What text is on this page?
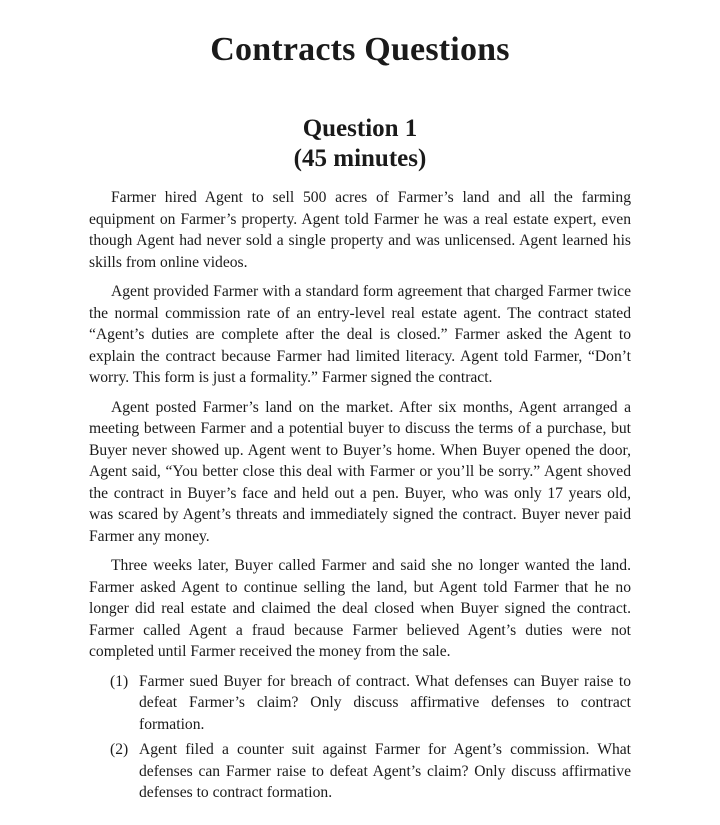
Contracts Questions
Question 1
(45 minutes)

Farmer hired Agent to sell 500 acres of Farmer’s land and all the farming equipment on Farmer’s property. Agent told Farmer he was a real estate expert, even though Agent had never sold a single property and was unlicensed. Agent learned his skills from online videos.

Agent provided Farmer with a standard form agreement that charged Farmer twice the normal commission rate of an entry-level real estate agent. The contract stated “Agent’s duties are complete after the deal is closed.” Farmer asked the Agent to explain the contract because Farmer had limited literacy. Agent told Farmer, “Don’t worry. This form is just a formality.” Farmer signed the contract.

Agent posted Farmer’s land on the market. After six months, Agent arranged a meeting between Farmer and a potential buyer to discuss the terms of a purchase, but Buyer never showed up. Agent went to Buyer’s home. When Buyer opened the door, Agent said, “You better close this deal with Farmer or you’ll be sorry.” Agent shoved the contract in Buyer’s face and held out a pen. Buyer, who was only 17 years old, was scared by Agent’s threats and immediately signed the contract. Buyer never paid Farmer any money.

Three weeks later, Buyer called Farmer and said she no longer wanted the land. Farmer asked Agent to continue selling the land, but Agent told Farmer that he no longer did real estate and claimed the deal closed when Buyer signed the contract. Farmer called Agent a fraud because Farmer believed Agent’s duties were not completed until Farmer received the money from the sale.

(1) Farmer sued Buyer for breach of contract. What defenses can Buyer raise to defeat Farmer’s claim? Only discuss affirmative defenses to contract formation.
(2) Agent filed a counter suit against Farmer for Agent’s commission. What defenses can Farmer raise to defeat Agent’s claim? Only discuss affirmative defenses to contract formation.
